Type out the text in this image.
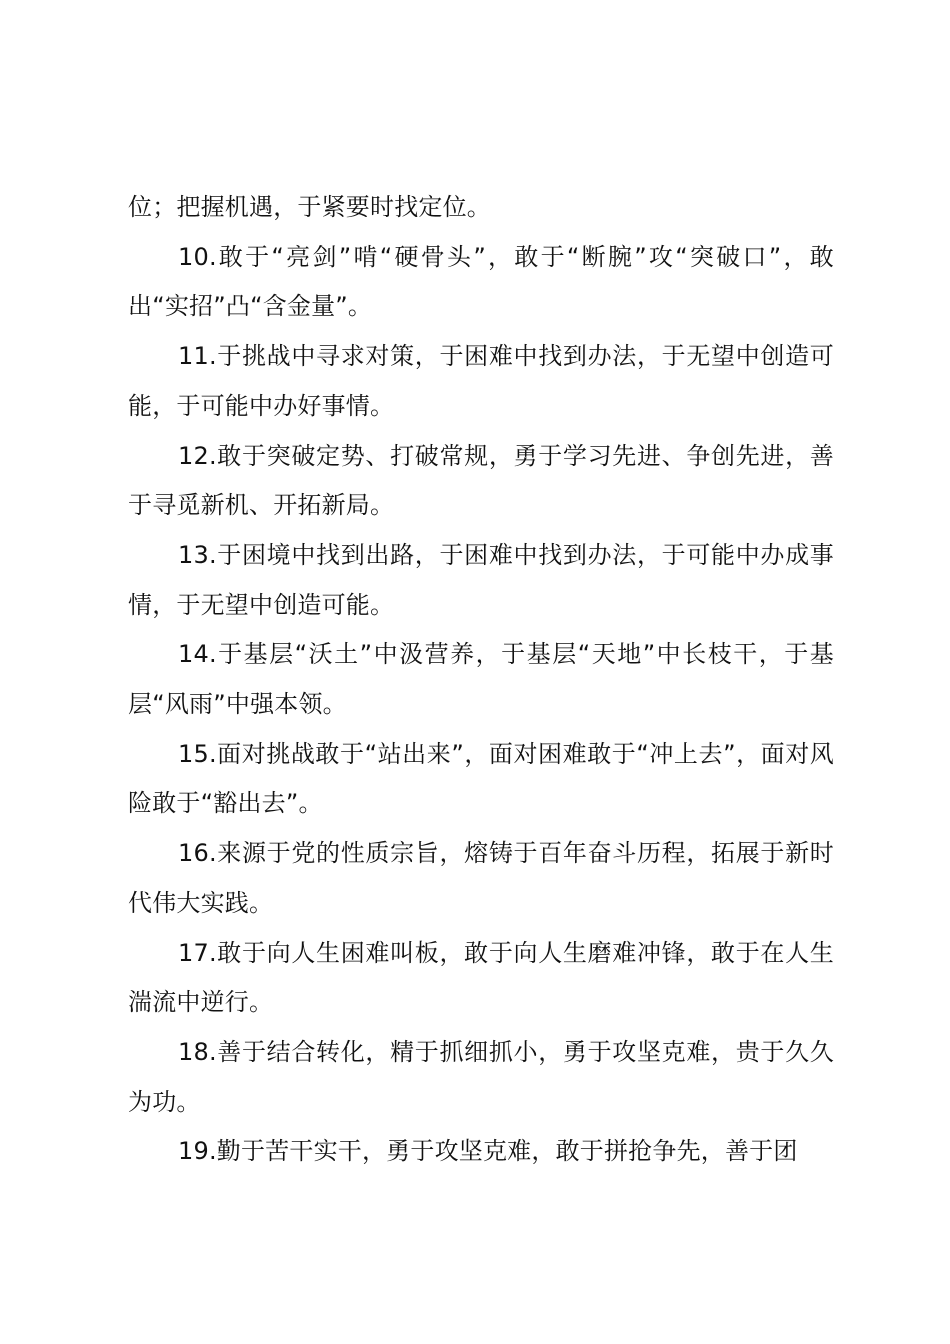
位；把握机遇，于紧要时找定位。

10.敢于“亮剑”啃“硬骨头”，敢于“断腕”攻“突破口”，敢出“实招”凸“含金量”。

11.于挑战中寻求对策，于困难中找到办法，于无望中创造可能，于可能中办好事情。

12.敢于突破定势、打破常规，勇于学习先进、争创先进，善于寻觅新机、开拓新局。

13.于困境中找到出路，于困难中找到办法，于可能中办成事情，于无望中创造可能。

14.于基层“沃土”中汲营养，于基层“天地”中长枝干，于基层“风雨”中强本领。

15.面对挑战敢于“站出来”，面对困难敢于“冲上去”，面对风险敢于“豁出去”。

16.来源于党的性质宗旨，熔铸于百年奋斗历程，拓展于新时代伟大实践。

17.敢于向人生困难叫板，敢于向人生磨难冲锋，敢于在人生湍流中逆行。

18.善于结合转化，精于抓细抓小，勇于攻坚克难，贵于久久为功。

19.勤于苦干实干，勇于攻坚克难，敢于拼抢争先，善于团
